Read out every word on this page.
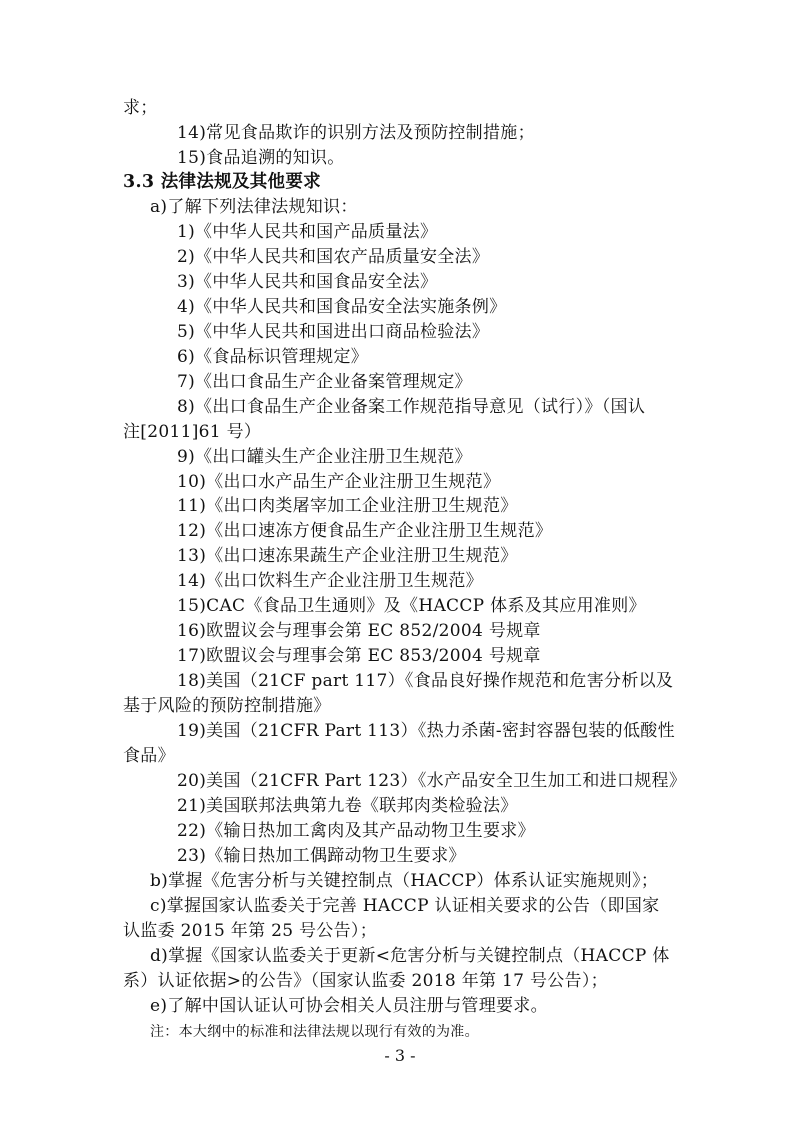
求；
14)常见食品欺诈的识别方法及预防控制措施；
15)食品追溯的知识。
3.3 法律法规及其他要求
a)了解下列法律法规知识：
1)《中华人民共和国产品质量法》
2)《中华人民共和国农产品质量安全法》
3)《中华人民共和国食品安全法》
4)《中华人民共和国食品安全法实施条例》
5)《中华人民共和国进出口商品检验法》
6)《食品标识管理规定》
7)《出口食品生产企业备案管理规定》
8)《出口食品生产企业备案工作规范指导意见（试行）》（国认
注[2011]61 号）
9)《出口罐头生产企业注册卫生规范》
10)《出口水产品生产企业注册卫生规范》
11)《出口肉类屠宰加工企业注册卫生规范》
12)《出口速冻方便食品生产企业注册卫生规范》
13)《出口速冻果蔬生产企业注册卫生规范》
14)《出口饮料生产企业注册卫生规范》
15)CAC《食品卫生通则》及《HACCP 体系及其应用准则》
16)欧盟议会与理事会第 EC 852/2004 号规章
17)欧盟议会与理事会第 EC 853/2004 号规章
18)美国（21CF part 117）《食品良好操作规范和危害分析以及
基于风险的预防控制措施》
19)美国（21CFR Part 113）《热力杀菌-密封容器包装的低酸性
食品》
20)美国（21CFR Part 123）《水产品安全卫生加工和进口规程》
21)美国联邦法典第九卷《联邦肉类检验法》
22)《输日热加工禽肉及其产品动物卫生要求》
23)《输日热加工偶蹄动物卫生要求》
b)掌握《危害分析与关键控制点（HACCP）体系认证实施规则》；
c)掌握国家认监委关于完善 HACCP 认证相关要求的公告（即国家
认监委 2015 年第 25 号公告）；
d)掌握《国家认监委关于更新<危害分析与关键控制点（HACCP 体
系）认证依据>的公告》（国家认监委 2018 年第 17 号公告）；
e)了解中国认证认可协会相关人员注册与管理要求。
注：本大纲中的标准和法律法规以现行有效的为准。
- 3 -
